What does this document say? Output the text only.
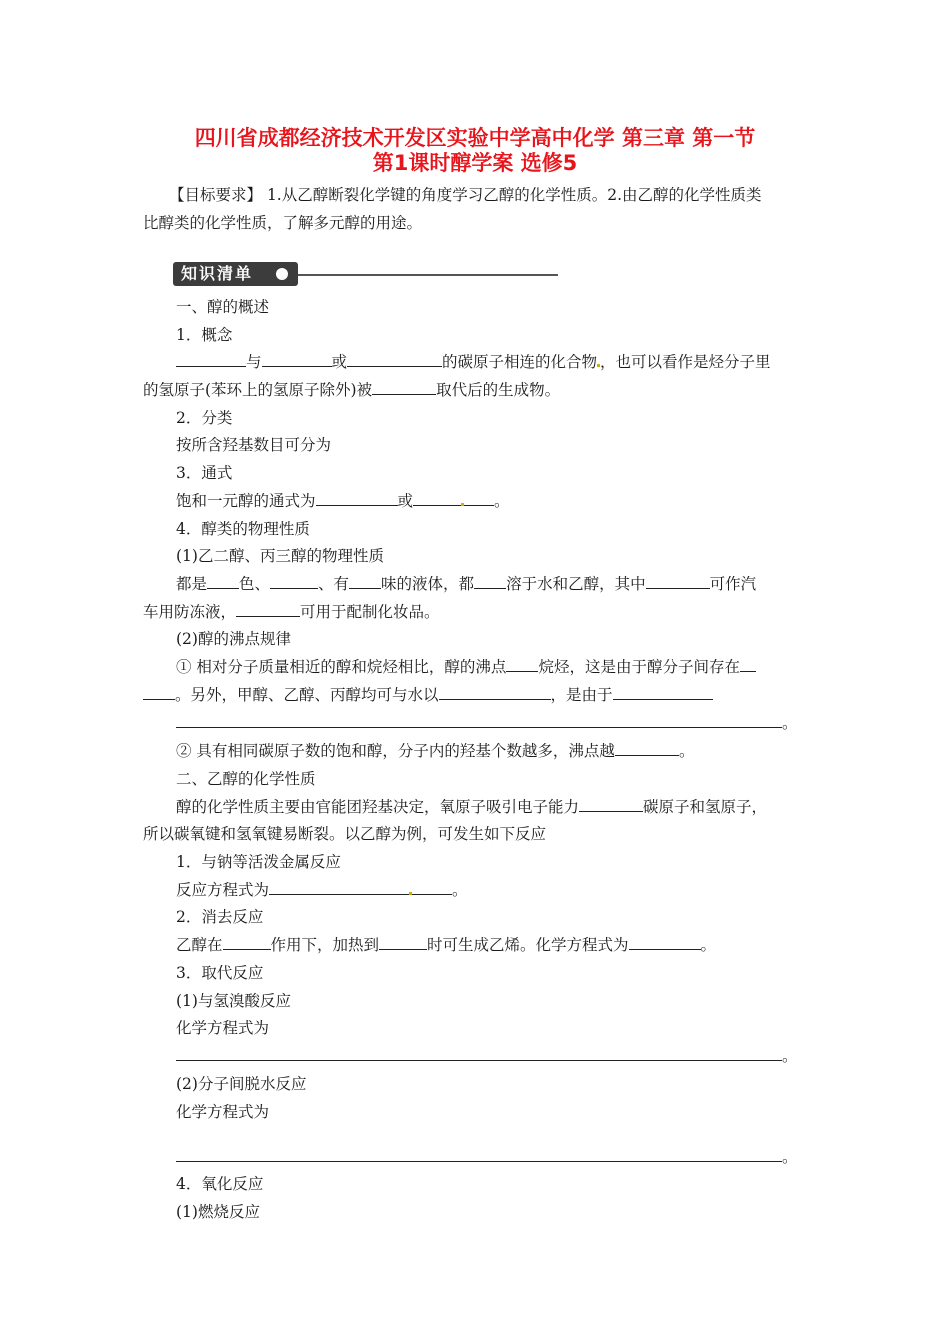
四川省成都经济技术开发区实验中学高中化学 第三章 第一节
第1课时醇学案 选修5
【目标要求】 1.从乙醇断裂化学键的角度学习乙醇的化学性质。2.由乙醇的化学性质类
比醇类的化学性质，了解多元醇的用途。
知识清单
一、醇的概述
1．概念
与	或	的碳原子相连的化合物 ，也可以看作是烃分子里
的氢原子(苯环上的氢原子除外)被	取代后的生成物。
2．分类
按所含羟基数目可分为
3．通式
饱和一元醇的通式为	或	。
4．醇类的物理性质
(1)乙二醇、丙三醇的物理性质
都是 色、	、有 味的液体，都 溶于水和乙醇，其中	可作汽
车用防冻液，	可用于配制化妆品。
(2)醇的沸点规律
① 相对分子质量相近的醇和烷烃相比，醇的沸点 烷烃，这是由于醇分子间存在
。另外，甲醇、乙醇、丙醇均可与水以	，是由于
。
② 具有相同碳原子数的饱和醇，分子内的羟基个数越多，沸点越	。
二、乙醇的化学性质
醇的化学性质主要由官能团羟基决定，氧原子吸引电子能力	碳原子和氢原子，
所以碳氧键和氢氧键易断裂。以乙醇为例，可发生如下反应
1．与钠等活泼金属反应
反应方程式为	。
2．消去反应
乙醇在	作用下，加热到	时可生成乙烯。化学方程式为	。
3．取代反应
(1)与氢溴酸反应
化学方程式为
。
(2)分子间脱水反应
化学方程式为
。
4．氧化反应
(1)燃烧反应
